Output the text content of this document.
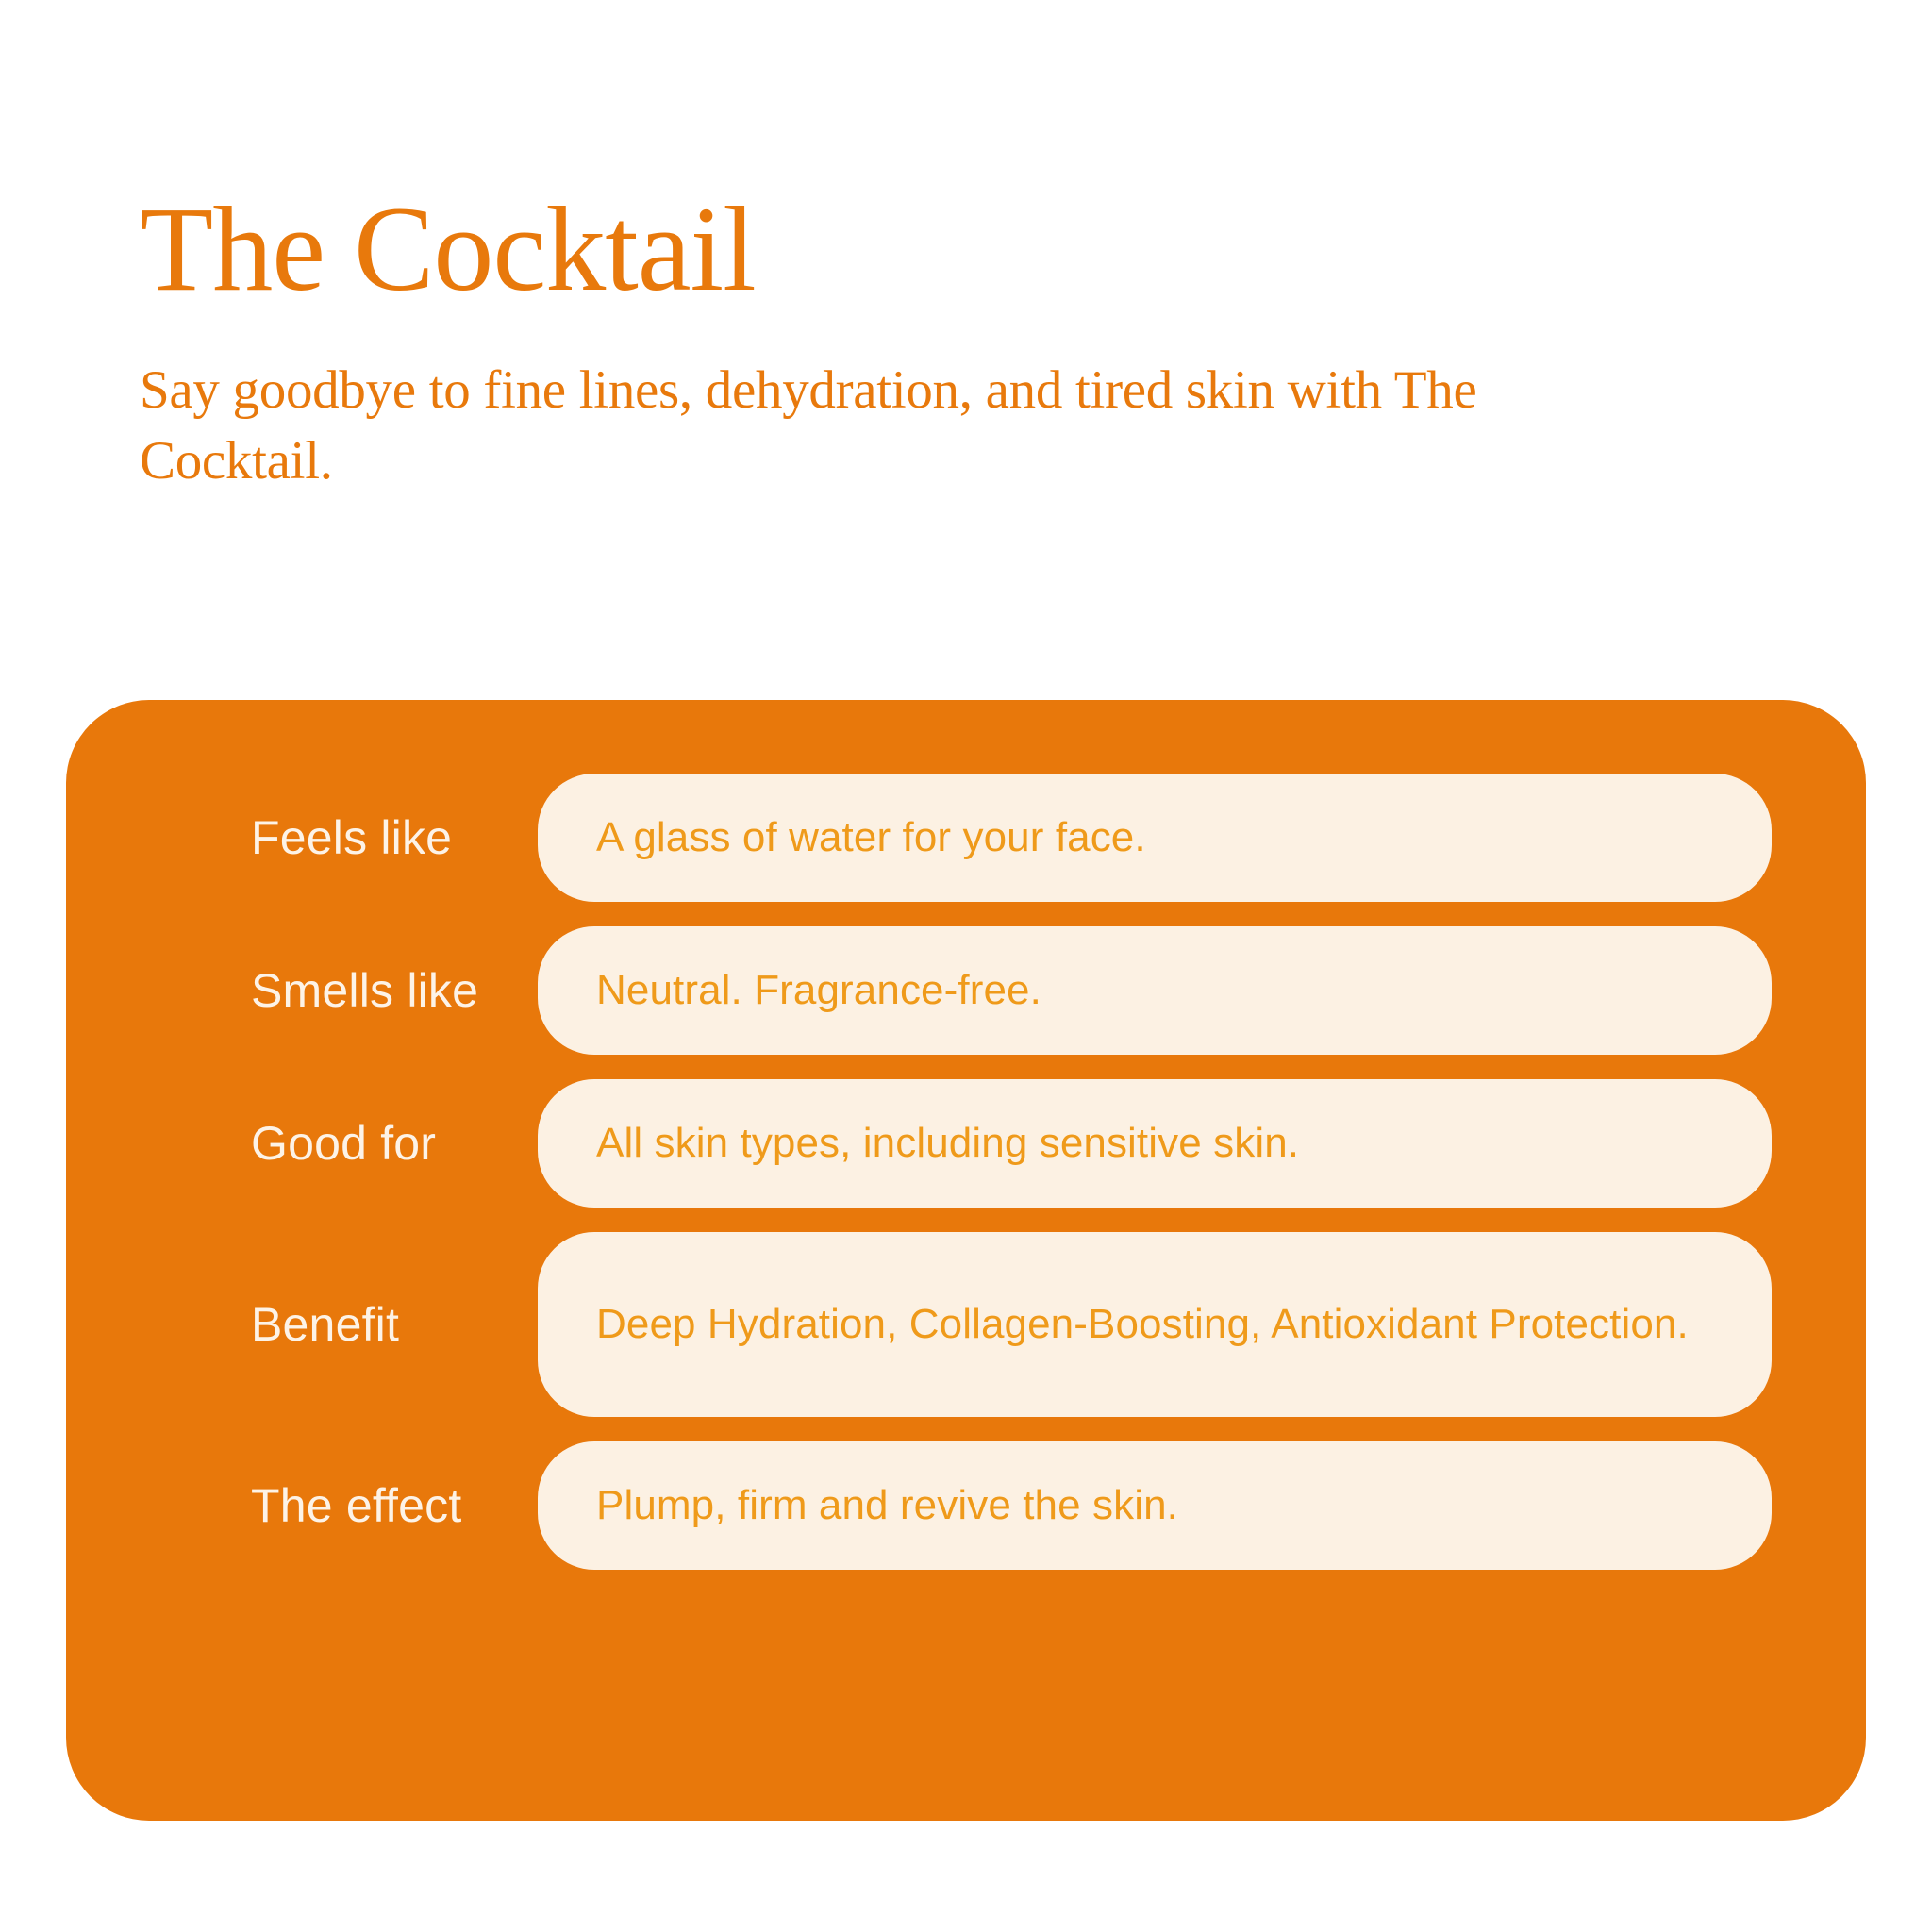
The Cocktail

Say goodbye to fine lines, dehydration, and tired skin with The Cocktail.

Feels like	A glass of water for your face.
Smells like	Neutral. Fragrance-free.
Good for	All skin types, including sensitive skin.
Benefit	Deep Hydration, Collagen-Boosting, Antioxidant Protection.
The effect	Plump, firm and revive the skin.
